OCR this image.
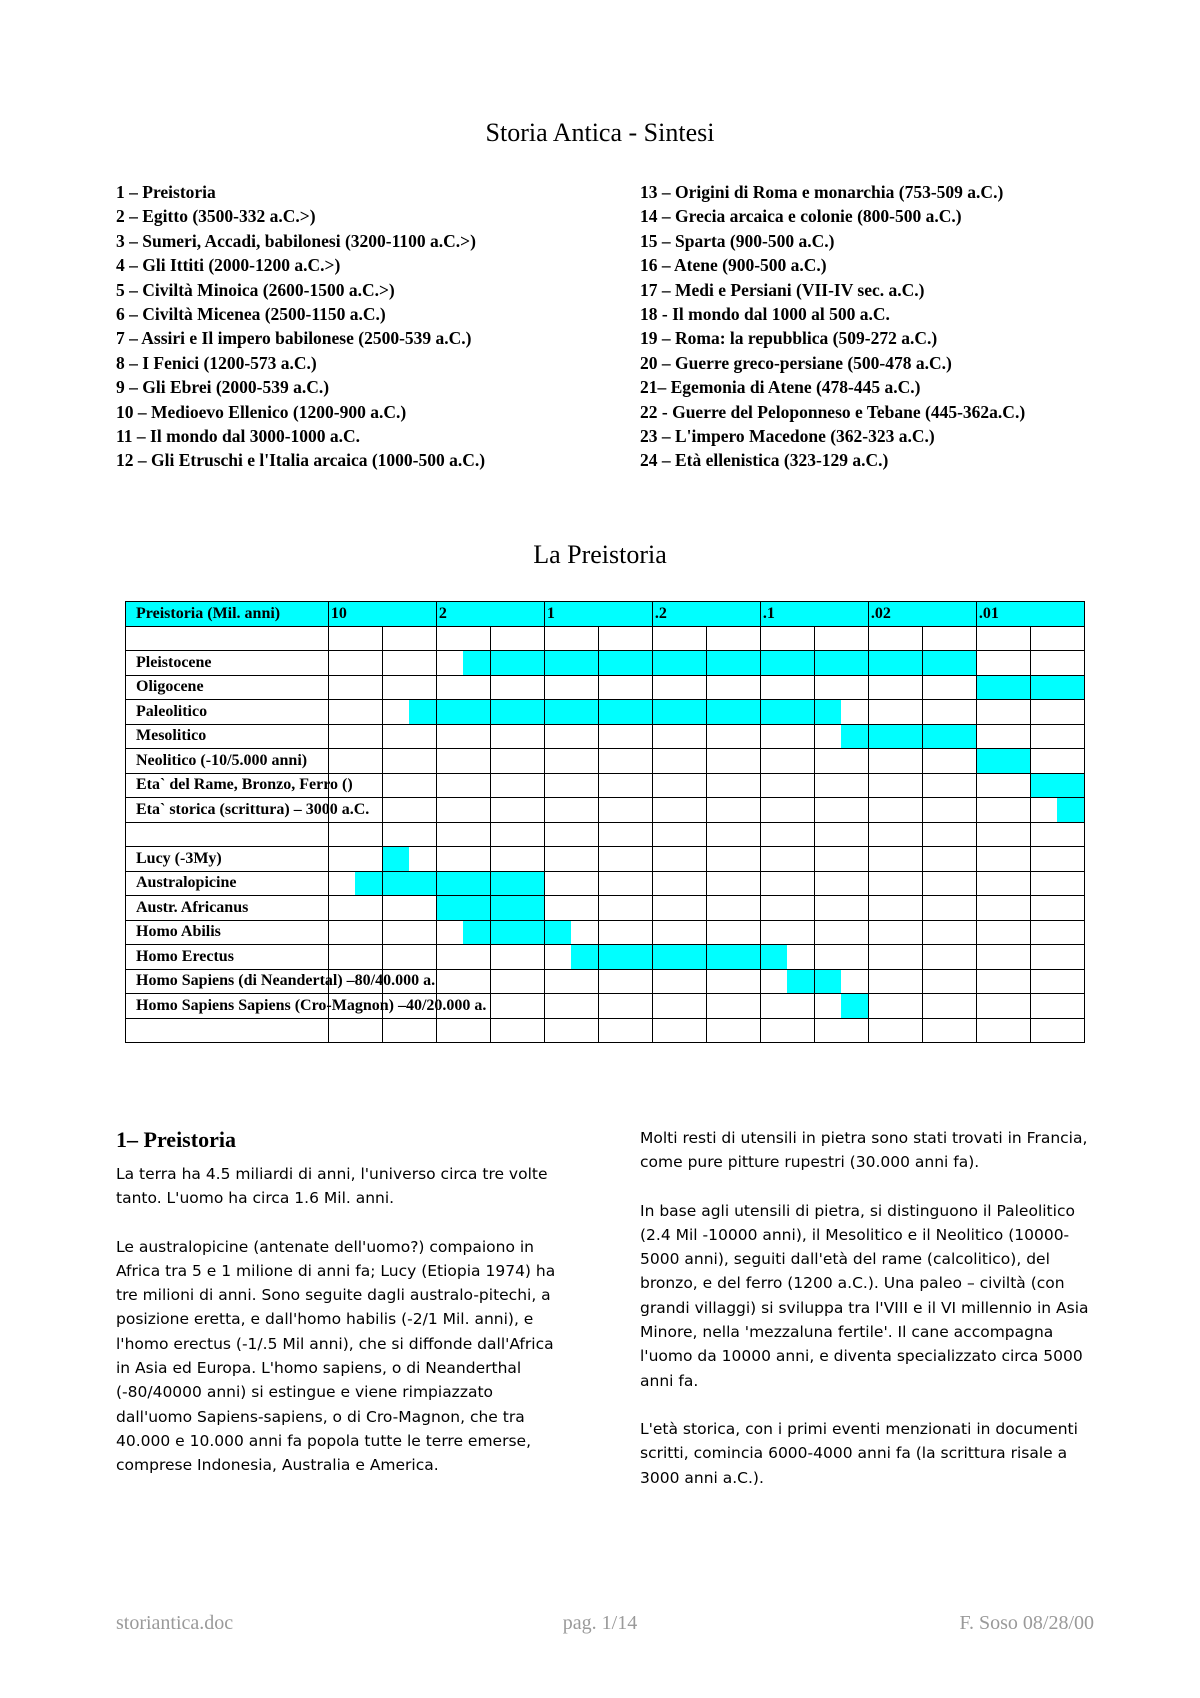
Storia Antica - Sintesi
1 – Preistoria
2 – Egitto (3500-332 a.C.>)
3 – Sumeri, Accadi, babilonesi (3200-1100 a.C.>)
4 – Gli Ittiti (2000-1200 a.C.>)
5 – Civiltà Minoica (2600-1500 a.C.>)
6 – Civiltà Micenea (2500-1150 a.C.)
7 – Assiri e Il impero babilonese (2500-539 a.C.)
8 – I Fenici (1200-573 a.C.)
9 – Gli Ebrei (2000-539 a.C.)
10 – Medioevo Ellenico (1200-900 a.C.)
11 – Il mondo dal 3000-1000 a.C.
12 – Gli Etruschi e l'Italia arcaica (1000-500 a.C.)
13 – Origini di Roma e monarchia (753-509 a.C.)
14 – Grecia arcaica e colonie (800-500 a.C.)
15 – Sparta (900-500 a.C.)
16 – Atene (900-500 a.C.)
17 – Medi e Persiani (VII-IV sec. a.C.)
18 - Il mondo dal 1000 al 500 a.C.
19 – Roma: la repubblica (509-272 a.C.)
20 – Guerre greco-persiane (500-478 a.C.)
21– Egemonia di Atene (478-445 a.C.)
22 - Guerre del Peloponneso e Tebane (445-362a.C.)
23 – L'impero Macedone (362-323 a.C.)
24 – Età ellenistica (323-129 a.C.)
La Preistoria
Preistoria (Mil. anni)	10		2		1		.2		.1		.02		.01	

Pleistocene			

Oligocene													

Paleolitico		

Mesolitico										

Neolitico (-10/5.000 anni)													

Eta` del Rame, Bronzo, Ferro ()														

Eta` storica (scrittura) – 3000 a.C.														

Lucy (-3My)		

Australopicine	

Austr. Africanus			

Homo Abilis			

Homo Erectus					

Homo Sapiens (di Neandertal) –80/40.000 a.									

Homo Sapiens Sapiens (Cro-Magnon) –40/20.000 a.										

1– Preistoria

La terra ha 4.5 miliardi di anni, l'universo circa tre volte tanto. L'uomo ha circa 1.6 Mil. anni.

Le australopicine (antenate dell'uomo?) compaiono in Africa tra 5 e 1 milione di anni fa; Lucy (Etiopia 1974) ha tre milioni di anni. Sono seguite dagli australo-pitechi, a posizione eretta, e dall'homo habilis (-2/1 Mil. anni), e l'homo erectus (-1/.5 Mil anni), che si diffonde dall'Africa in Asia ed Europa. L'homo sapiens, o di Neanderthal (-80/40000 anni) si estingue e viene rimpiazzato dall'uomo Sapiens-sapiens, o di Cro-Magnon, che tra 40.000 e 10.000 anni fa popola tutte le terre emerse, comprese Indonesia, Australia e America.

Molti resti di utensili in pietra sono stati trovati in Francia, come pure pitture rupestri (30.000 anni fa).

In base agli utensili di pietra, si distinguono il Paleolitico (2.4 Mil -10000 anni), il Mesolitico e il Neolitico (10000-5000 anni), seguiti dall'età del rame (calcolitico), del bronzo, e del ferro (1200 a.C.). Una paleo – civiltà (con grandi villaggi) si sviluppa tra l'VIII e il VI millennio in Asia Minore, nella 'mezzaluna fertile'. Il cane accompagna l'uomo da 10000 anni, e diventa specializzato circa 5000 anni fa.

L'età storica, con i primi eventi menzionati in documenti scritti, comincia 6000-4000 anni fa (la scrittura risale a 3000 anni a.C.).

storiantica.doc	pag. 1/14	F. Soso 08/28/00
